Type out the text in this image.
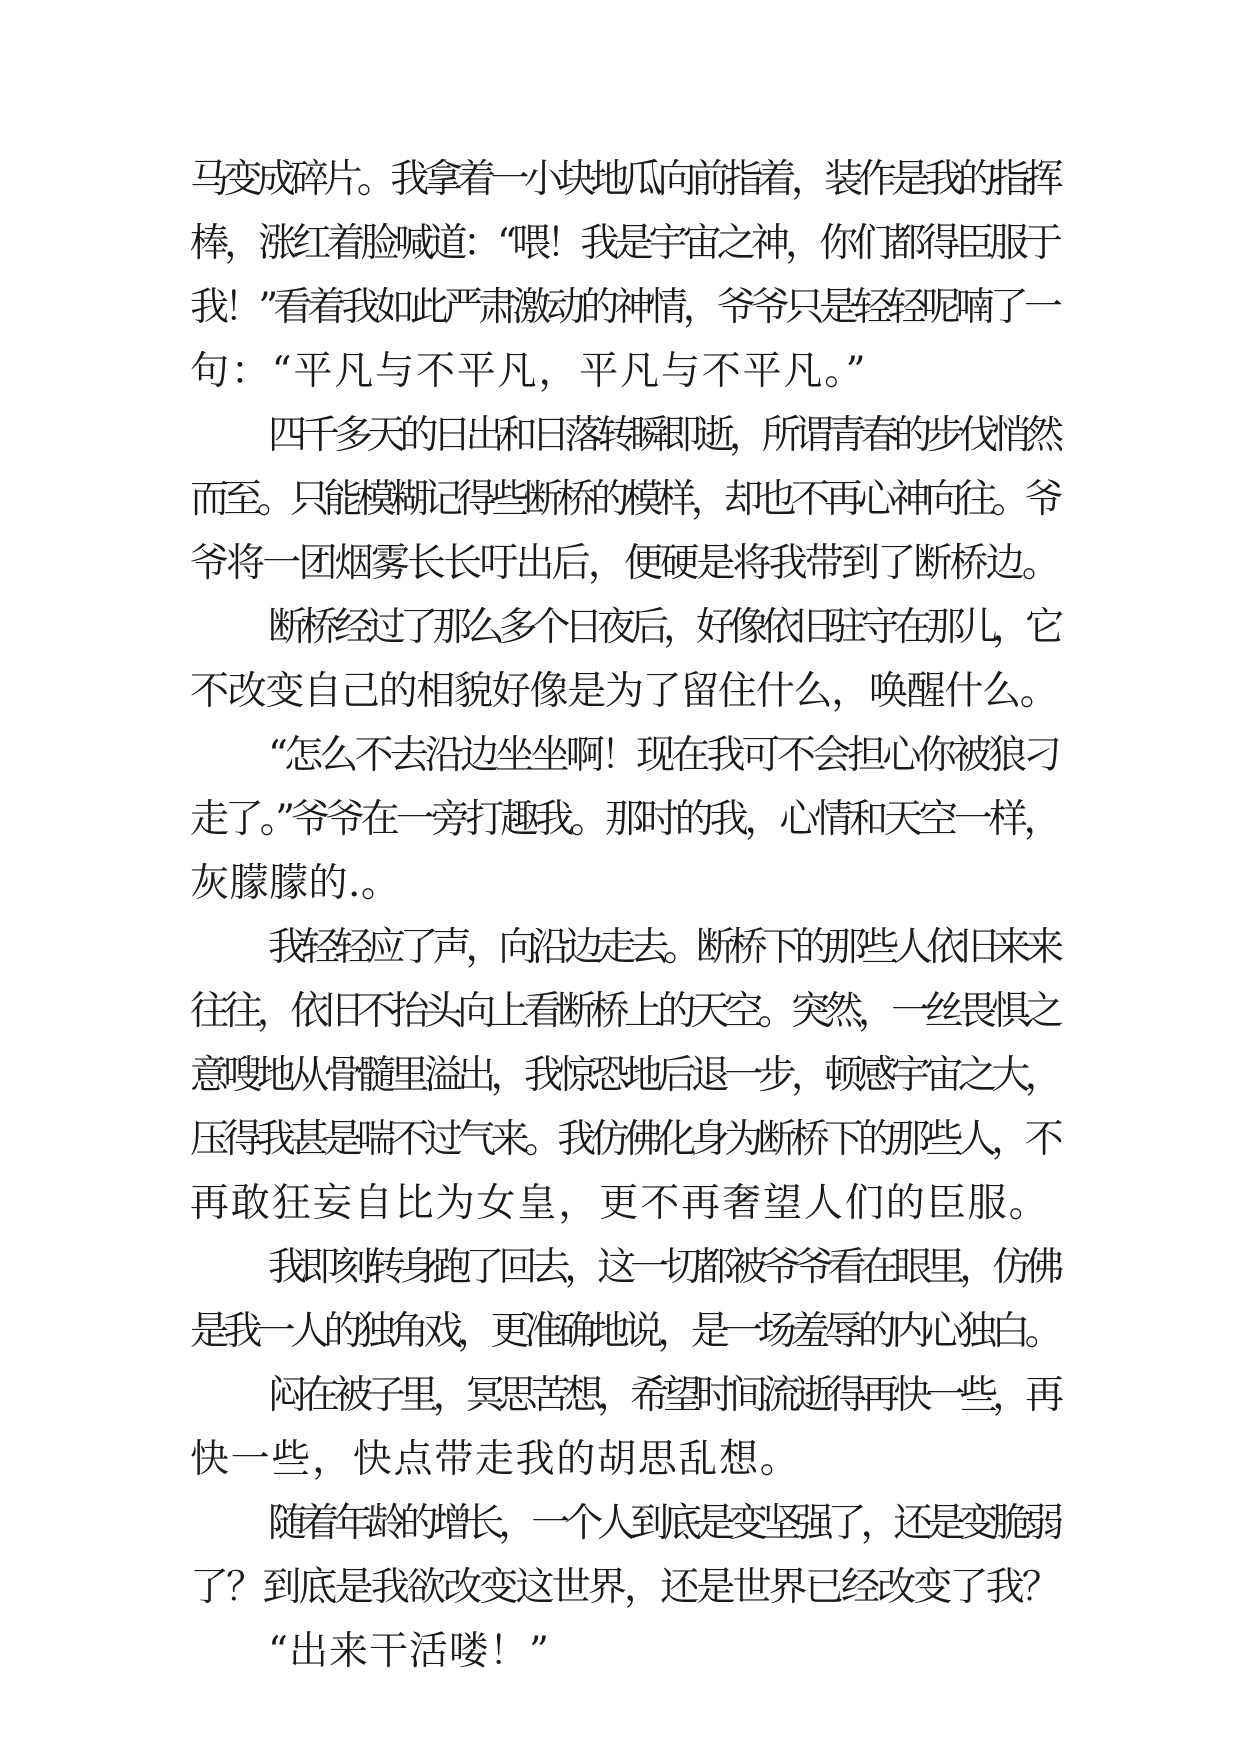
马变成碎片。我拿着一小块地瓜向前指着，装作是我的指挥
棒，涨红着脸喊道：“喂！我是宇宙之神，你们都得臣服于
我！”看着我如此严肃激动的神情，爷爷只是轻轻呢喃了一
句：“平凡与不平凡，平凡与不平凡。”
四千多天的日出和日落转瞬即逝，所谓青春的步伐悄然
而至。只能模糊记得些断桥的模样，却也不再心神向往。爷
爷将一团烟雾长长吁出后，便硬是将我带到了断桥边。
断桥经过了那么多个日夜后，好像依旧驻守在那儿，它
不改变自己的相貌好像是为了留住什么，唤醒什么。
“怎么不去沿边坐坐啊！现在我可不会担心你被狼刁
走了。”爷爷在一旁打趣我。那时的我，心情和天空一样，
灰朦朦的.。
我轻轻应了声，向沿边走去。断桥下的那些人依旧来来
往往，依旧不抬头向上看断桥上的天空。突然，一丝畏惧之
意嗖地从骨髓里溢出，我惊恐地后退一步，顿感宇宙之大，
压得我甚是喘不过气来。我仿佛化身为断桥下的那些人，不
再敢狂妄自比为女皇，更不再奢望人们的臣服。
我即刻转身跑了回去，这一切都被爷爷看在眼里，仿佛
是我一人的独角戏，更准确地说，是一场羞辱的内心独白。
闷在被子里，冥思苦想，希望时间流逝得再快一些，再
快一些，快点带走我的胡思乱想。
随着年龄的增长，一个人到底是变坚强了，还是变脆弱
了？到底是我欲改变这世界，还是世界已经改变了我？
“出来干活喽！”
